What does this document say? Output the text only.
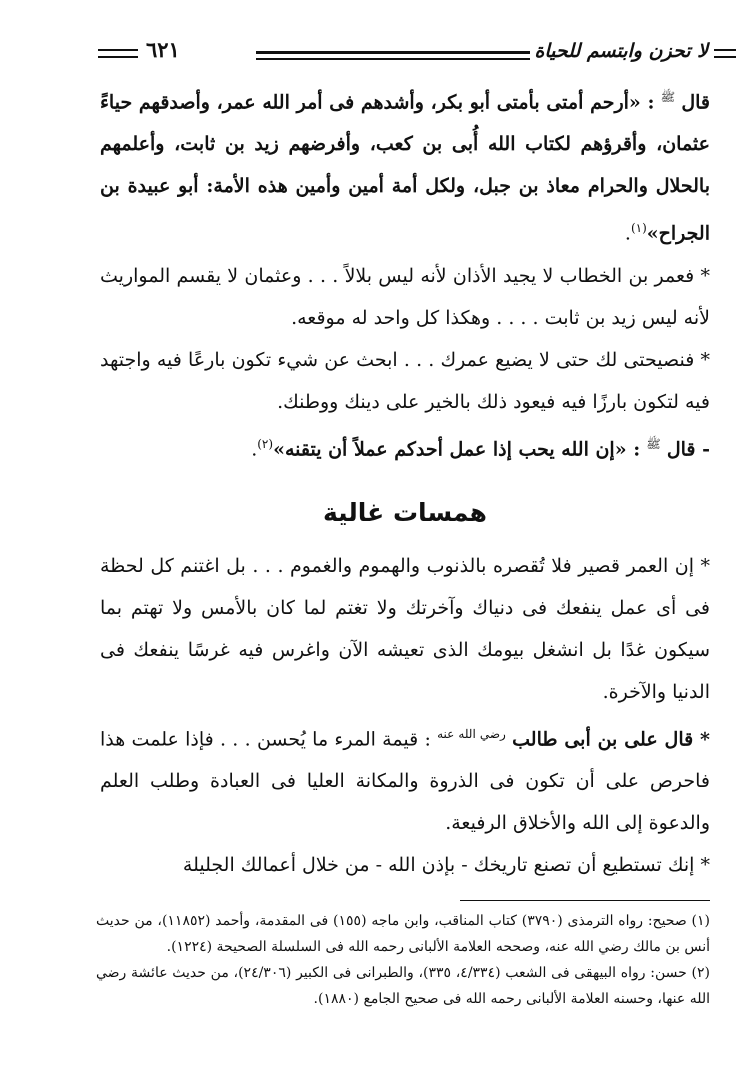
لا تحزن وابتسم للحياة
٦٢١

قال $^ﷺ$ : «أرحم أمتى بأمتى أبو بكر، وأشدهم فى أمر الله عمر، وأصدقهم حياءً عثمان، وأقرؤهم لكتاب الله أُبى بن كعب، وأفرضهم زيد بن ثابت، وأعلمهم بالحلال والحرام معاذ بن جبل، ولكل أمة أمين وأمين هذه الأمة: أبو عبيدة بن الجراح»$^{(١)}$.

* فعمر بن الخطاب لا يجيد الأذان لأنه ليس بلالاً . . . وعثمان لا يقسم المواريث لأنه ليس زيد بن ثابت . . . . وهكذا كل واحد له موقعه.

* فنصيحتى لك حتى لا يضيع عمرك . . . ابحث عن شيء تكون بارعًا فيه واجتهد فيه لتكون بارزًا فيه فيعود ذلك بالخير على دينك ووطنك.

- قال $^ﷺ$ : «إن الله يحب إذا عمل أحدكم عملاً أن يتقنه»$^{(٢)}$.

همسات غالية

* إن العمر قصير فلا تُقصره بالذنوب والهموم والغموم . . . بل اغتنم كل لحظة فى أى عمل ينفعك فى دنياك وآخرتك ولا تغتم لما كان بالأمس ولا تهتم بما سيكون غدًا بل انشغل بيومك الذى تعيشه الآن واغرس فيه غرسًا ينفعك فى الدنيا والآخرة.

* قال على بن أبى طالب $^{رضي الله عنه}$ : قيمة المرء ما يُحسن . . . فإذا علمت هذا فاحرص على أن تكون فى الذروة والمكانة العليا فى العبادة وطلب العلم والدعوة إلى الله والأخلاق الرفيعة.

* إنك تستطيع أن تصنع تاريخك - بإذن الله - من خلال أعمالك الجليلة

(١) صحيح: رواه الترمذى (٣٧٩٠) كتاب المناقب، وابن ماجه (١٥٥) فى المقدمة، وأحمد (١١٨٥٢)، من حديث أنس بن مالك رضي الله عنه، وصححه العلامة الألبانى رحمه الله فى السلسلة الصحيحة (١٢٢٤).

(٢) حسن: رواه البيهقى فى الشعب (٤/٣٣٤، ٣٣٥)، والطبرانى فى الكبير (٢٤/٣٠٦)، من حديث عائشة رضي الله عنها، وحسنه العلامة الألبانى رحمه الله فى صحيح الجامع (١٨٨٠).
